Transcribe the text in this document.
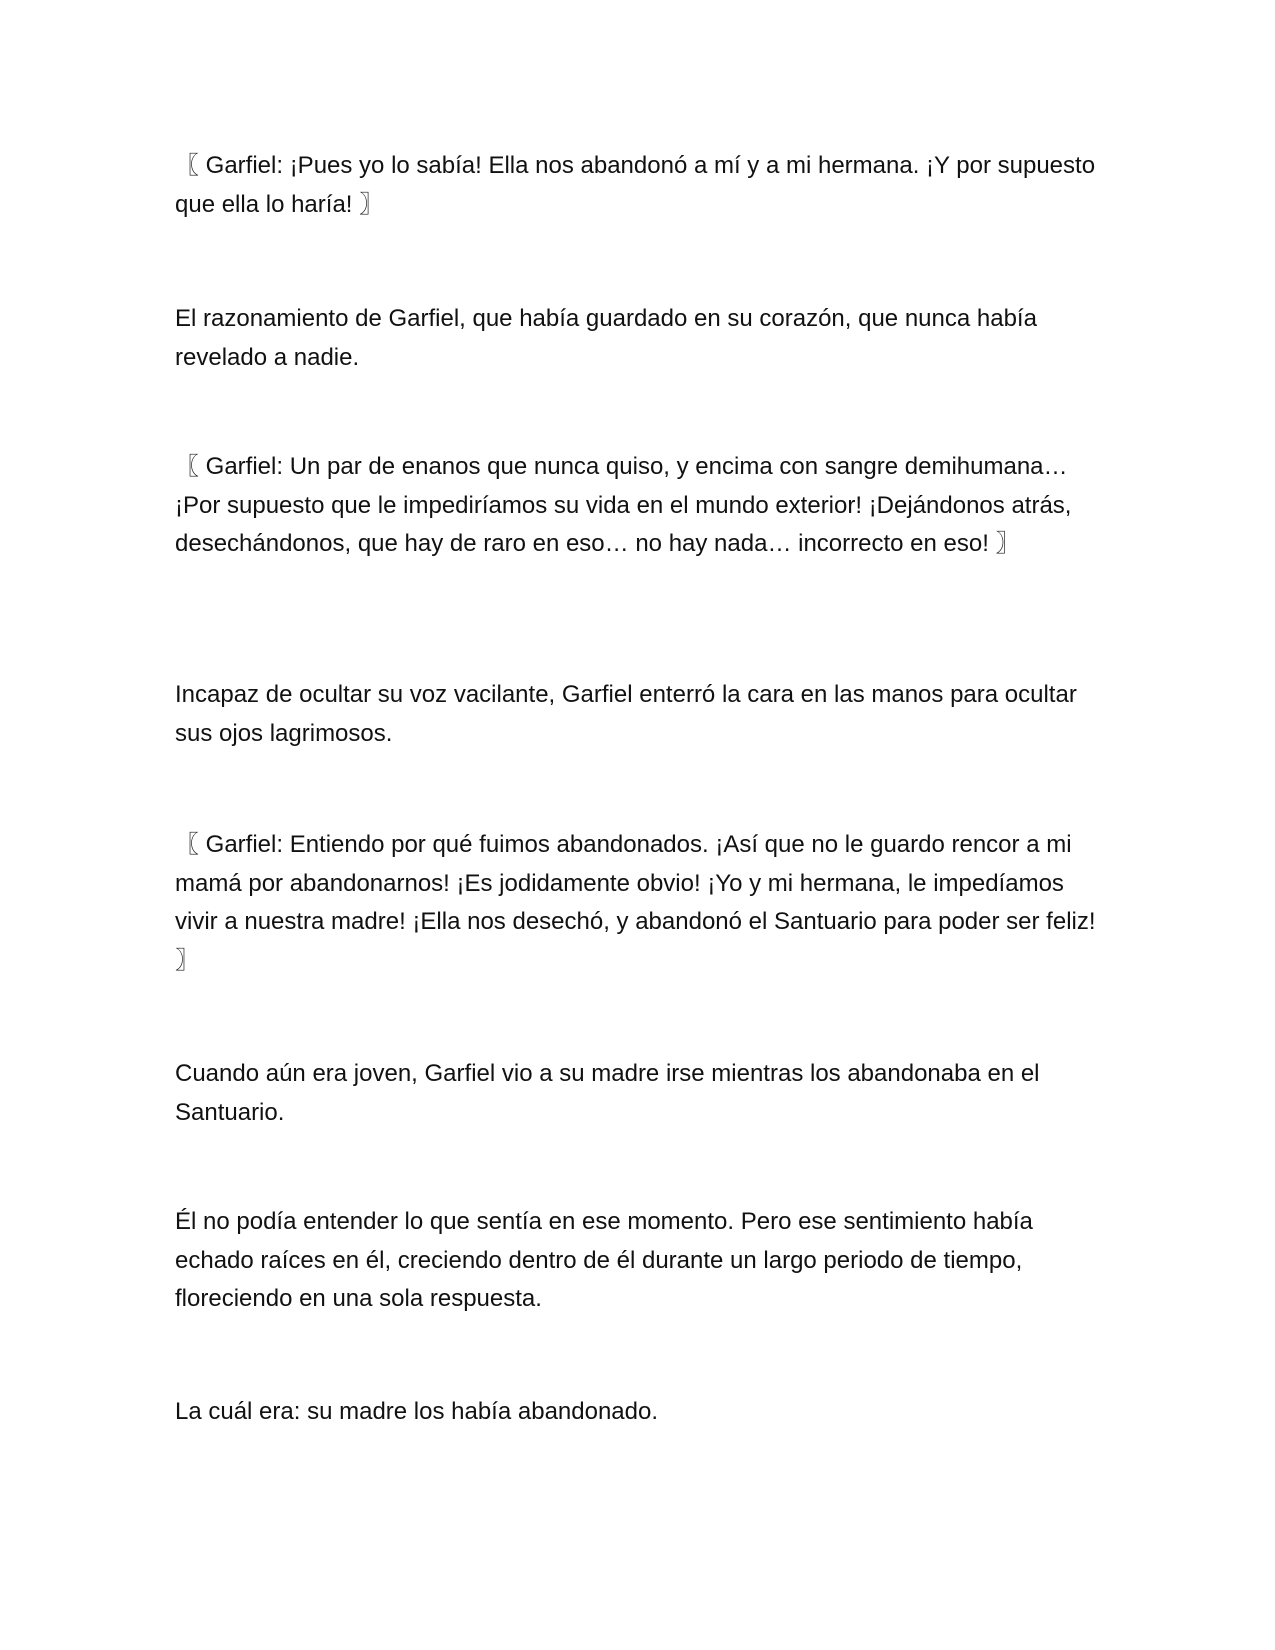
〖 Garfiel: ¡Pues yo lo sabía! Ella nos abandonó a mí y a mi hermana. ¡Y por supuesto que ella lo haría! 〗

El razonamiento de Garfiel, que había guardado en su corazón, que nunca había revelado a nadie.

〖 Garfiel: Un par de enanos que nunca quiso, y encima con sangre demihumana… ¡Por supuesto que le impediríamos su vida en el mundo exterior! ¡Dejándonos atrás, desechándonos, que hay de raro en eso… no hay nada… incorrecto en eso! 〗

Incapaz de ocultar su voz vacilante, Garfiel enterró la cara en las manos para ocultar sus ojos lagrimosos.

〖 Garfiel: Entiendo por qué fuimos abandonados. ¡Así que no le guardo rencor a mi mamá por abandonarnos! ¡Es jodidamente obvio! ¡Yo y mi hermana, le impedíamos vivir a nuestra madre! ¡Ella nos desechó, y abandonó el Santuario para poder ser feliz! 〗

Cuando aún era joven, Garfiel vio a su madre irse mientras los abandonaba en el Santuario.

Él no podía entender lo que sentía en ese momento. Pero ese sentimiento había echado raíces en él, creciendo dentro de él durante un largo periodo de tiempo, floreciendo en una sola respuesta.

La cuál era: su madre los había abandonado.
